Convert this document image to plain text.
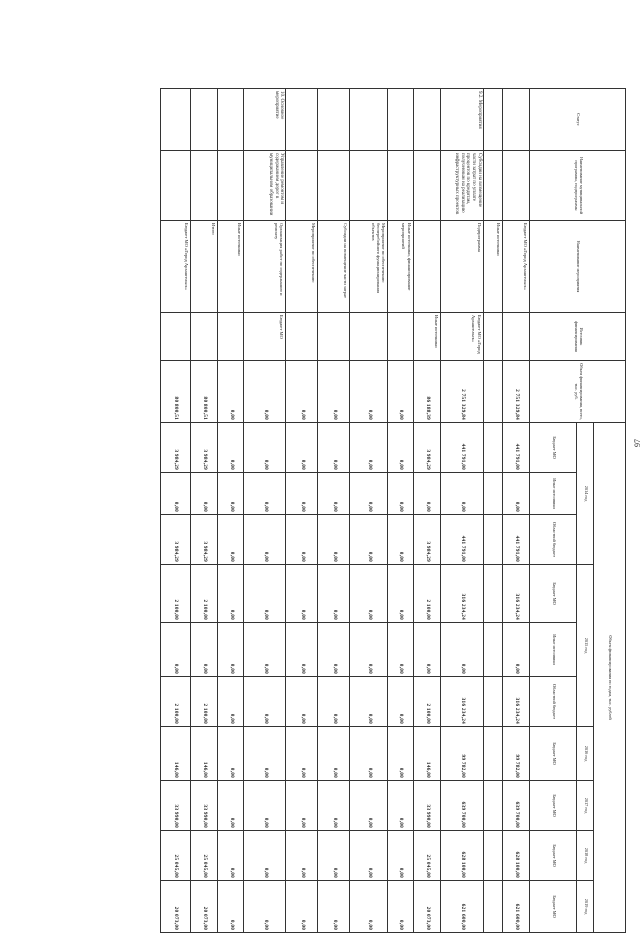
97
Статус	Наименование муниципальной программы, подпрограммы	Наименование мероприятия	Источник финансирования	Объем финансирования, всего, тыс. руб.	Объем финансирования по годам, тыс. рублей										
					2014 год			2015 год			2016 год	2017 год	2018 год	2019 год	
					Бюджет МО	Иные источники	Областной бюджет	Бюджет МО	Иные источники	Областной бюджет	Бюджет МО	Бюджет МО	Бюджет МО	Бюджет МО	
		Бюджет МО «Город Архангельск»		2 751 329,84	441 791,00	0,00	441 791,00	316 234,24	0,00	316 234,24	99 782,00	639 700,00	628 100,00	621 600,00	
		Иные источники													
9.2. Мероприятия	Субсидии на возмещение части затрат по уплате процентов по кредитам, полученным на реализацию инфраструктурных проектов	Подпрограмма	Бюджет МО «Город Архангельск»	2 751 329,84	441 791,00	0,00	441 791,00	316 234,24	0,00	316 234,24	99 782,00	639 700,00	628 100,00	621 600,00	
			Иные источники	86 188,39	3 984,29	0,00	3 984,29	2 100,00	0,00	2 100,00	146,00	33 990,00	25 045,00	20 073,00	
		Иные источники, финансирование мероприятий		0,00	0,00	0,00	0,00	0,00	0,00	0,00	0,00	0,00	0,00	0,00	
		Мероприятие по обеспечению бесперебойного функционирования объектов		0,00	0,00	0,00	0,00	0,00	0,00	0,00	0,00	0,00	0,00	0,00	
		Субсидии на возмещение части затрат		0,00	0,00	0,00	0,00	0,00	0,00	0,00	0,00	0,00	0,00	0,00	
		Мероприятие по обеспечению		0,00	0,00	0,00	0,00	0,00	0,00	0,00	0,00	0,00	0,00	0,00	
10. Основное мероприятие	Управление ремонтом и содержанием дорог в муниципальном образовании	Организация работ по содержанию и ремонту	Бюджет МО	0,00	0,00	0,00	0,00	0,00	0,00	0,00	0,00	0,00	0,00	0,00	
		Иные источники		0,00	0,00	0,00	0,00	0,00	0,00	0,00	0,00	0,00	0,00	0,00	
		Итого		80 800,51	3 984,29	0,00	3 984,29	2 100,00	0,00	2 100,00	146,00	33 990,00	25 045,00	20 073,00	
		Бюджет МО «Город Архангельск»		80 800,51	3 984,29	0,00	3 984,29	2 100,00	0,00	2 100,00	146,00	33 990,00	25 045,00	20 073,00	
